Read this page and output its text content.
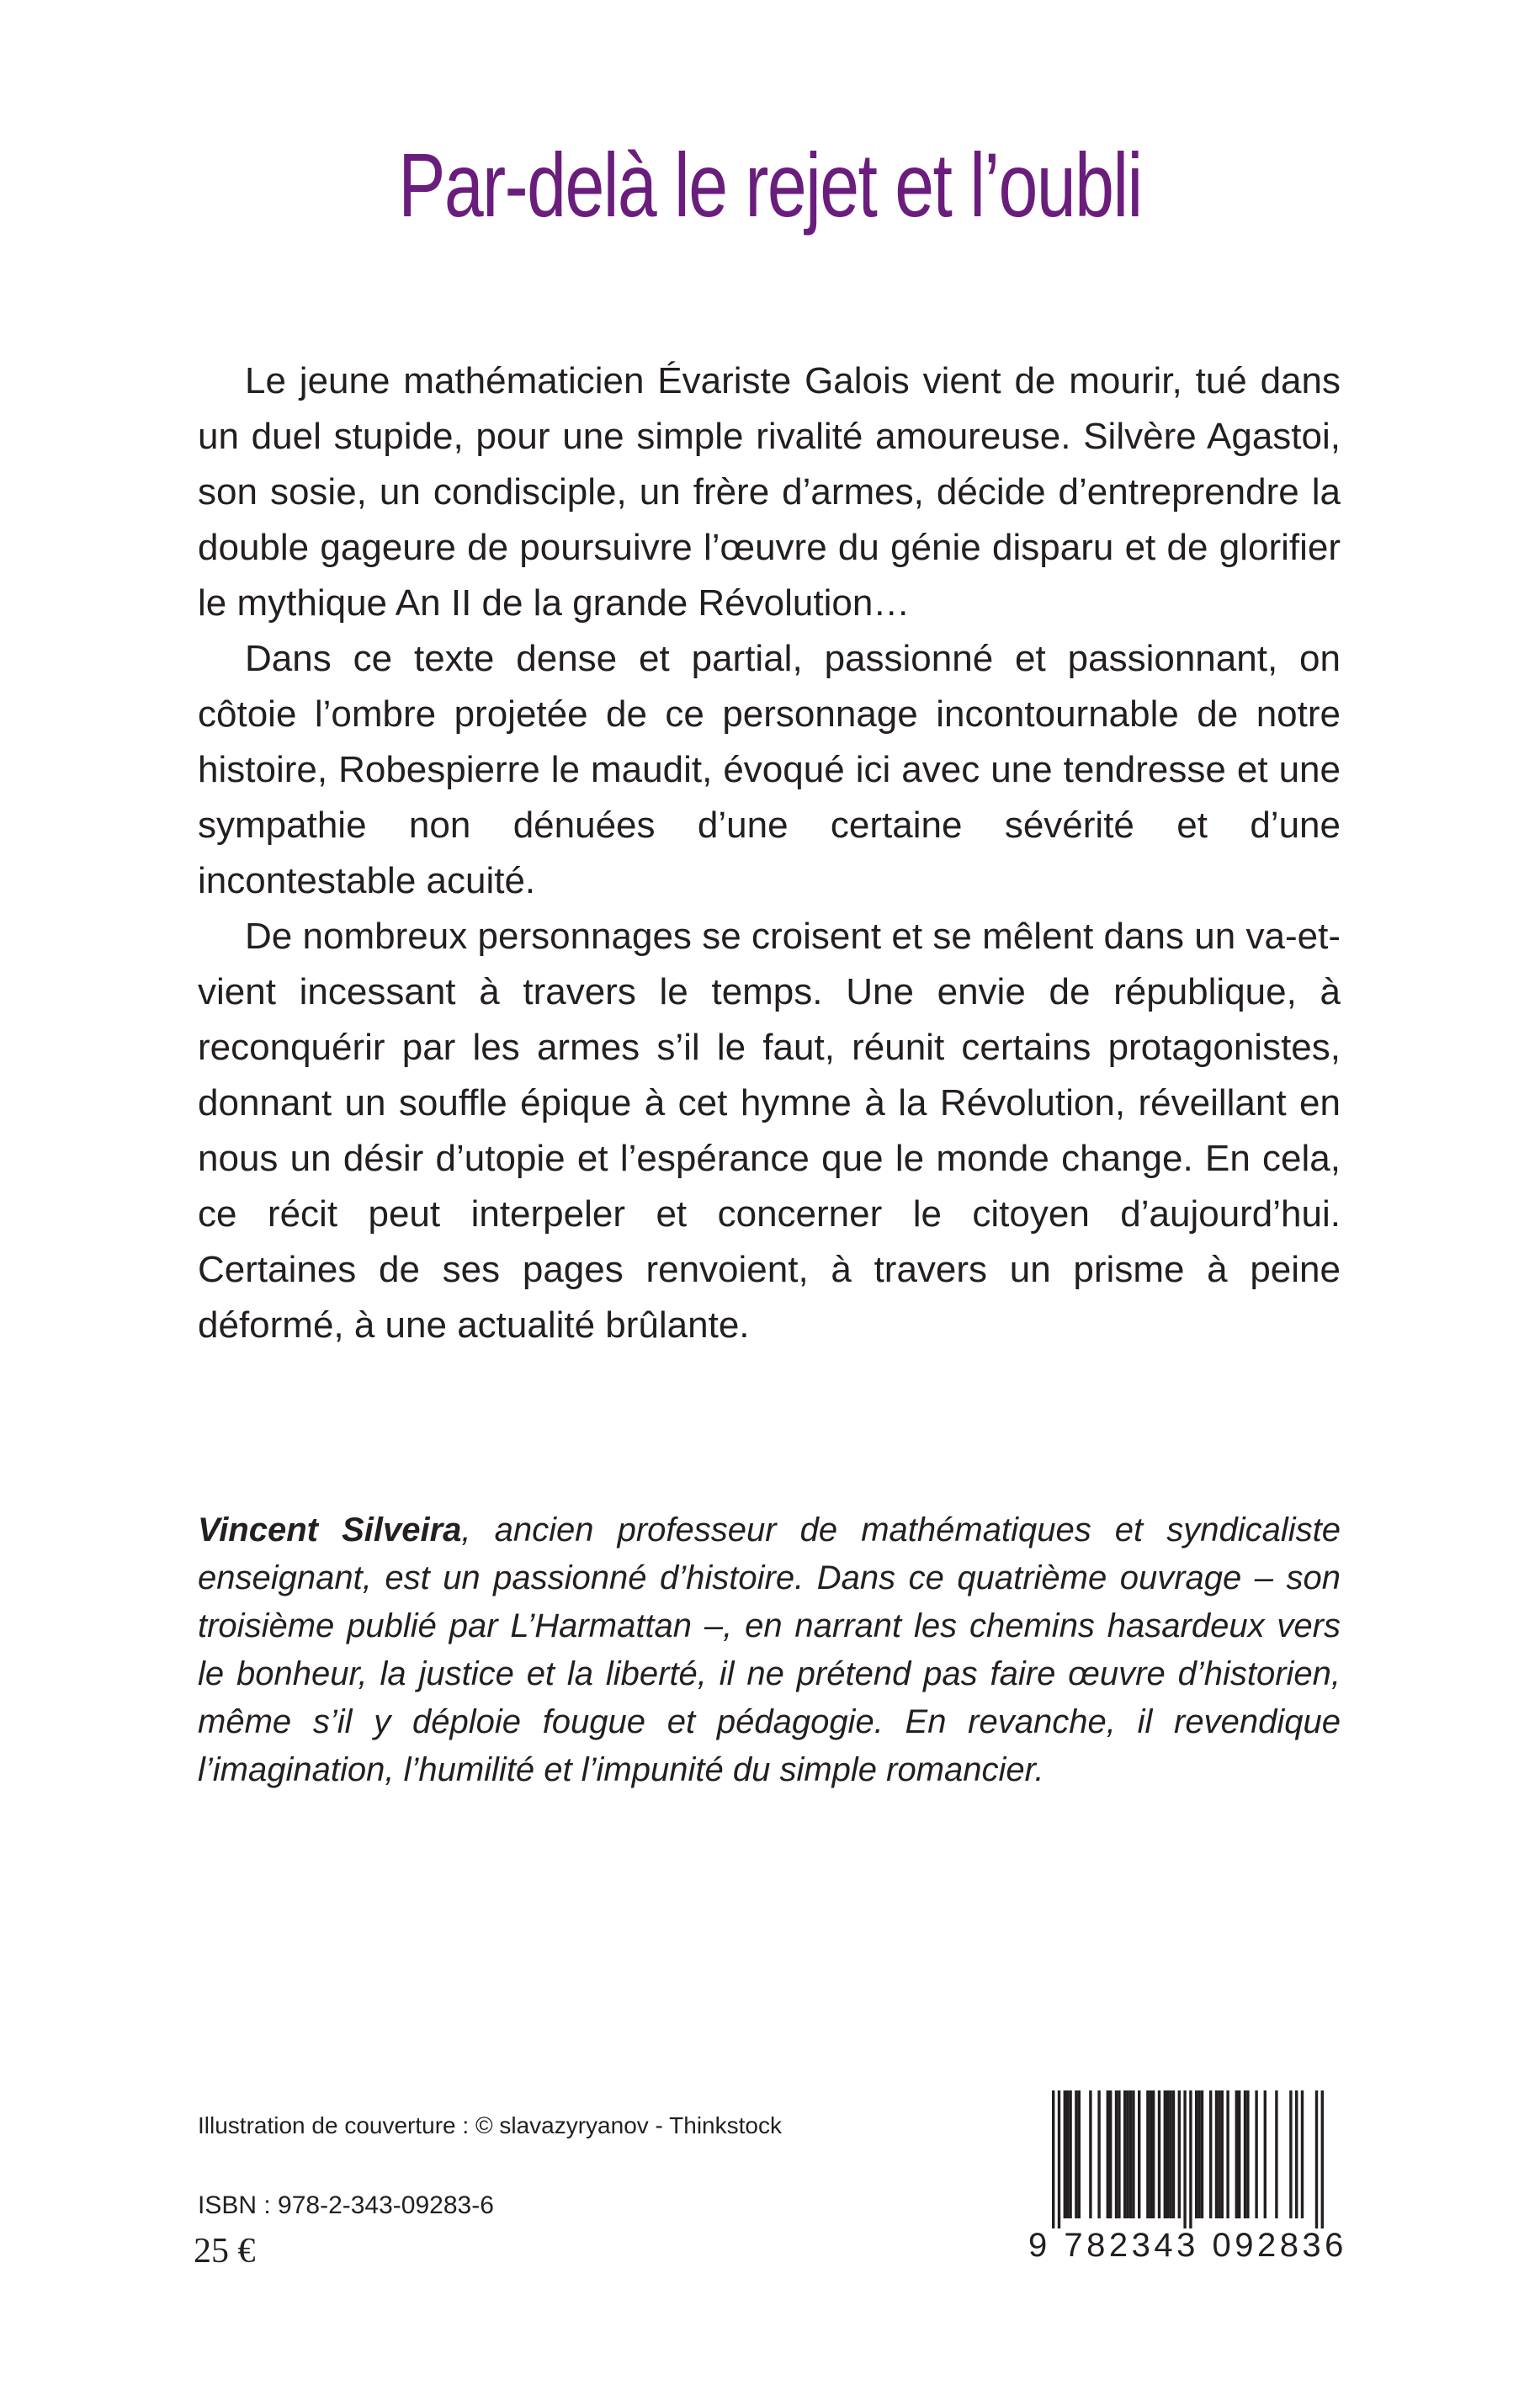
Par-delà le rejet et l’oubli

Le jeune mathématicien Évariste Galois vient de mourir, tué dans un duel stupide, pour une simple rivalité amoureuse. Silvère Agastoi, son sosie, un condisciple, un frère d’armes, décide d’entreprendre la double gageure de poursuivre l’œuvre du génie disparu et de glorifier le mythique An II de la grande Révolution…

Dans ce texte dense et partial, passionné et passionnant, on côtoie l’ombre projetée de ce personnage incontournable de notre histoire, Robespierre le maudit, évoqué ici avec une tendresse et une sympathie non dénuées d’une certaine sévérité et d’une incontestable acuité.

De nombreux personnages se croisent et se mêlent dans un va-et-vient incessant à travers le temps. Une envie de république, à reconquérir par les armes s’il le faut, réunit certains protagonistes, donnant un souffle épique à cet hymne à la Révolution, réveillant en nous un désir d’utopie et l’espérance que le monde change. En cela, ce récit peut interpeler et concerner le citoyen d’aujourd’hui. Certaines de ses pages renvoient, à travers un prisme à peine déformé, à une actualité brûlante.

Vincent Silveira, ancien professeur de mathématiques et syndicaliste enseignant, est un passionné d’histoire. Dans ce quatrième ouvrage – son troisième publié par L’Harmattan –, en narrant les chemins hasardeux vers le bonheur, la justice et la liberté, il ne prétend pas faire œuvre d’historien, même s’il y déploie fougue et pédagogie. En revanche, il revendique l’imagination, l’humilité et l’impunité du simple romancier.
Illustration de couverture : © slavazyryanov - Thinkstock
ISBN : 978-2-343-09283-6
25 €	9 782343 092836
